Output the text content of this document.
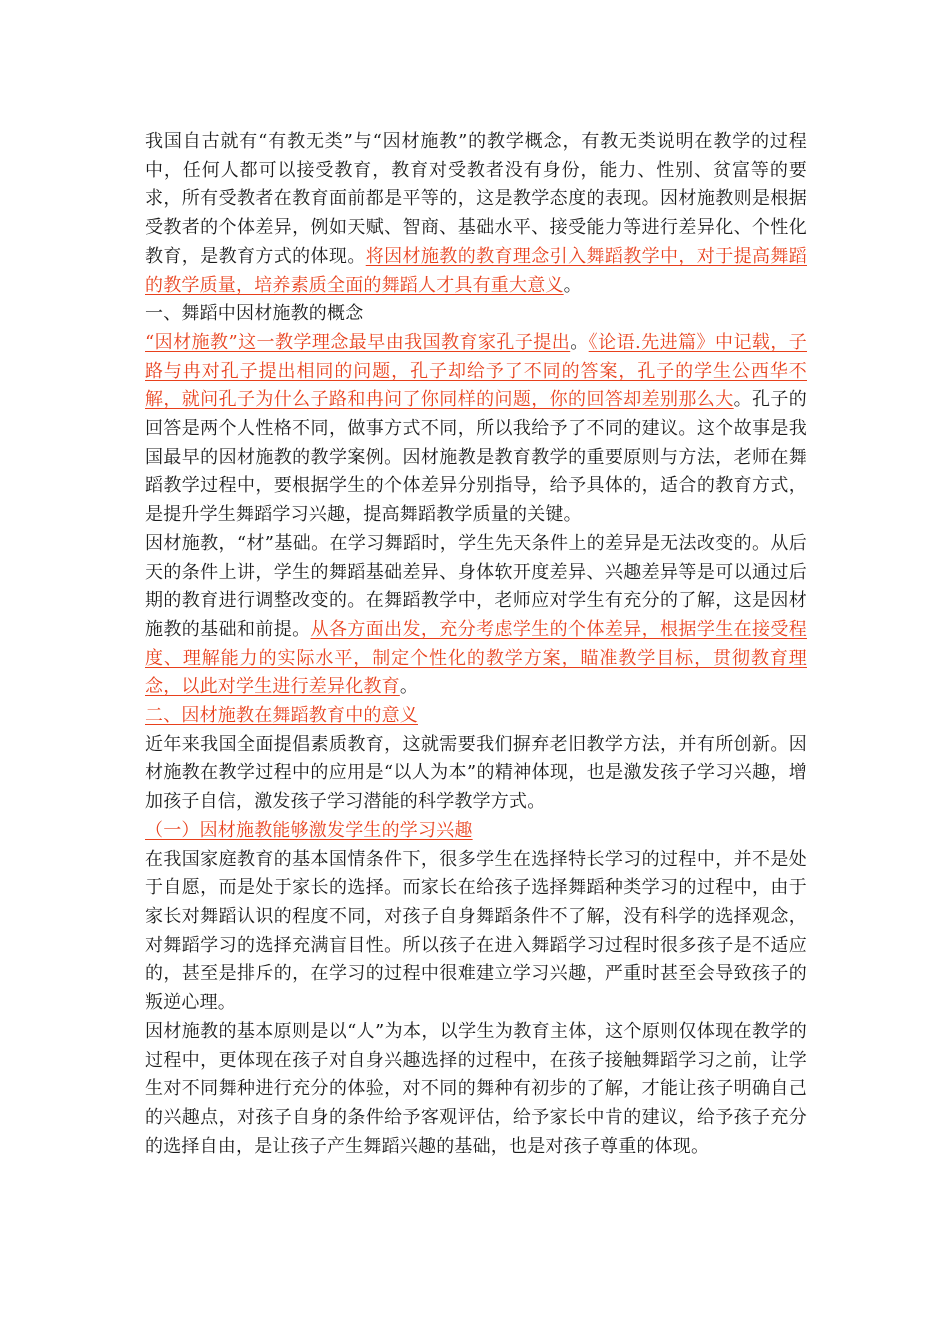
我国自古就有“有教无类”与“因材施教”的教学概念，有教无类说明在教学的过程中，任何人都可以接受教育，教育对受教者没有身份，能力、性别、贫富等的要求，所有受教者在教育面前都是平等的，这是教学态度的表现。因材施教则是根据受教者的个体差异，例如天赋、智商、基础水平、接受能力等进行差异化、个性化教育，是教育方式的体现。将因材施教的教育理念引入舞蹈教学中，对于提高舞蹈的教学质量，培养素质全面的舞蹈人才具有重大意义。

一、舞蹈中因材施教的概念

“因材施教”这一教学理念最早由我国教育家孔子提出。《论语.先进篇》中记载，子路与冉对孔子提出相同的问题，孔子却给予了不同的答案，孔子的学生公西华不解，就问孔子为什么子路和冉问了你同样的问题，你的回答却差别那么大。孔子的回答是两个人性格不同，做事方式不同，所以我给予了不同的建议。这个故事是我国最早的因材施教的教学案例。因材施教是教育教学的重要原则与方法，老师在舞蹈教学过程中，要根据学生的个体差异分别指导，给予具体的，适合的教育方式，是提升学生舞蹈学习兴趣，提高舞蹈教学质量的关键。

因材施教，“材”基础。在学习舞蹈时，学生先天条件上的差异是无法改变的。从后天的条件上讲，学生的舞蹈基础差异、身体软开度差异、兴趣差异等是可以通过后期的教育进行调整改变的。在舞蹈教学中，老师应对学生有充分的了解，这是因材施教的基础和前提。从各方面出发，充分考虑学生的个体差异，根据学生在接受程度、理解能力的实际水平，制定个性化的教学方案，瞄准教学目标，贯彻教育理念，以此对学生进行差异化教育。

二、因材施教在舞蹈教育中的意义

近年来我国全面提倡素质教育，这就需要我们摒弃老旧教学方法，并有所创新。因材施教在教学过程中的应用是“以人为本”的精神体现，也是激发孩子学习兴趣，增加孩子自信，激发孩子学习潜能的科学教学方式。

（一）因材施教能够激发学生的学习兴趣

在我国家庭教育的基本国情条件下，很多学生在选择特长学习的过程中，并不是处于自愿，而是处于家长的选择。而家长在给孩子选择舞蹈种类学习的过程中，由于家长对舞蹈认识的程度不同，对孩子自身舞蹈条件不了解，没有科学的选择观念，对舞蹈学习的选择充满盲目性。所以孩子在进入舞蹈学习过程时很多孩子是不适应的，甚至是排斥的，在学习的过程中很难建立学习兴趣，严重时甚至会导致孩子的叛逆心理。

因材施教的基本原则是以“人”为本，以学生为教育主体，这个原则仅体现在教学的过程中，更体现在孩子对自身兴趣选择的过程中，在孩子接触舞蹈学习之前，让学生对不同舞种进行充分的体验，对不同的舞种有初步的了解，才能让孩子明确自己的兴趣点，对孩子自身的条件给予客观评估，给予家长中肯的建议，给予孩子充分的选择自由，是让孩子产生舞蹈兴趣的基础，也是对孩子尊重的体现。
